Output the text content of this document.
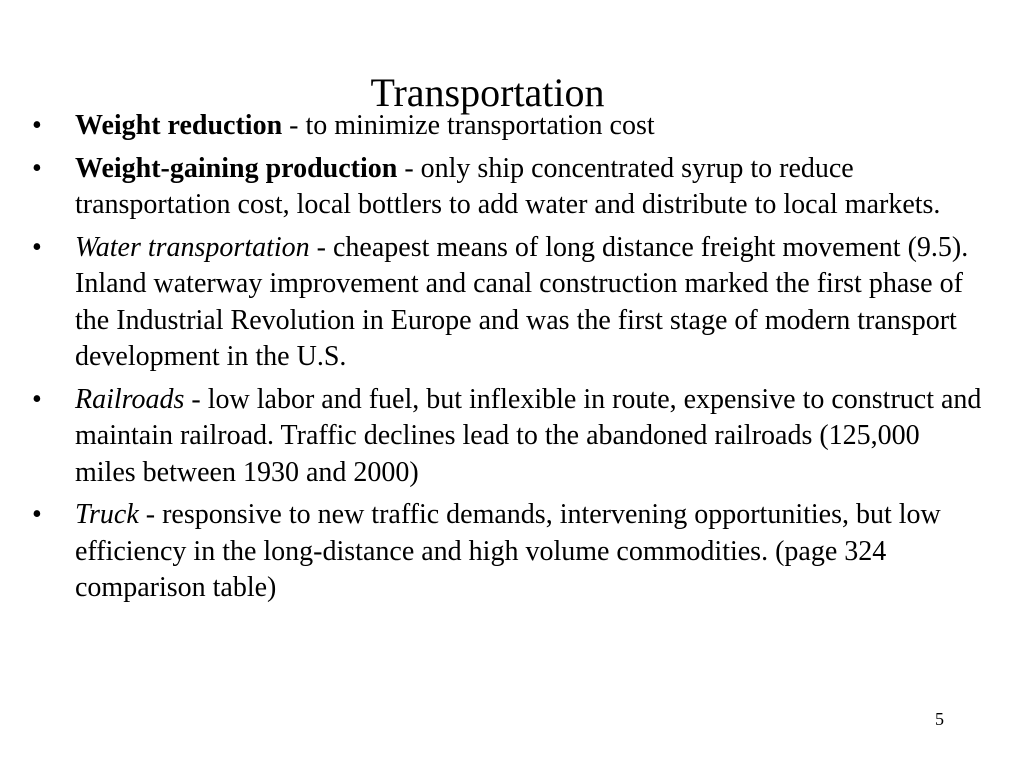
Transportation
•	Weight reduction - to minimize transportation cost
•	Weight-gaining production - only ship concentrated syrup to reduce transportation cost, local bottlers to add water and distribute to local markets.
•	Water transportation - cheapest means of long distance freight movement (9.5). Inland waterway improvement and canal construction marked the first phase of the Industrial Revolution in Europe and was the first stage of modern transport development in the U.S.
•	Railroads - low labor and fuel, but inflexible in route, expensive to construct and maintain railroad. Traffic declines lead to the abandoned railroads (125,000 miles between 1930 and 2000)
•	Truck - responsive to new traffic demands, intervening opportunities, but low efficiency in the long-distance and high volume commodities. (page 324 comparison table)
5
